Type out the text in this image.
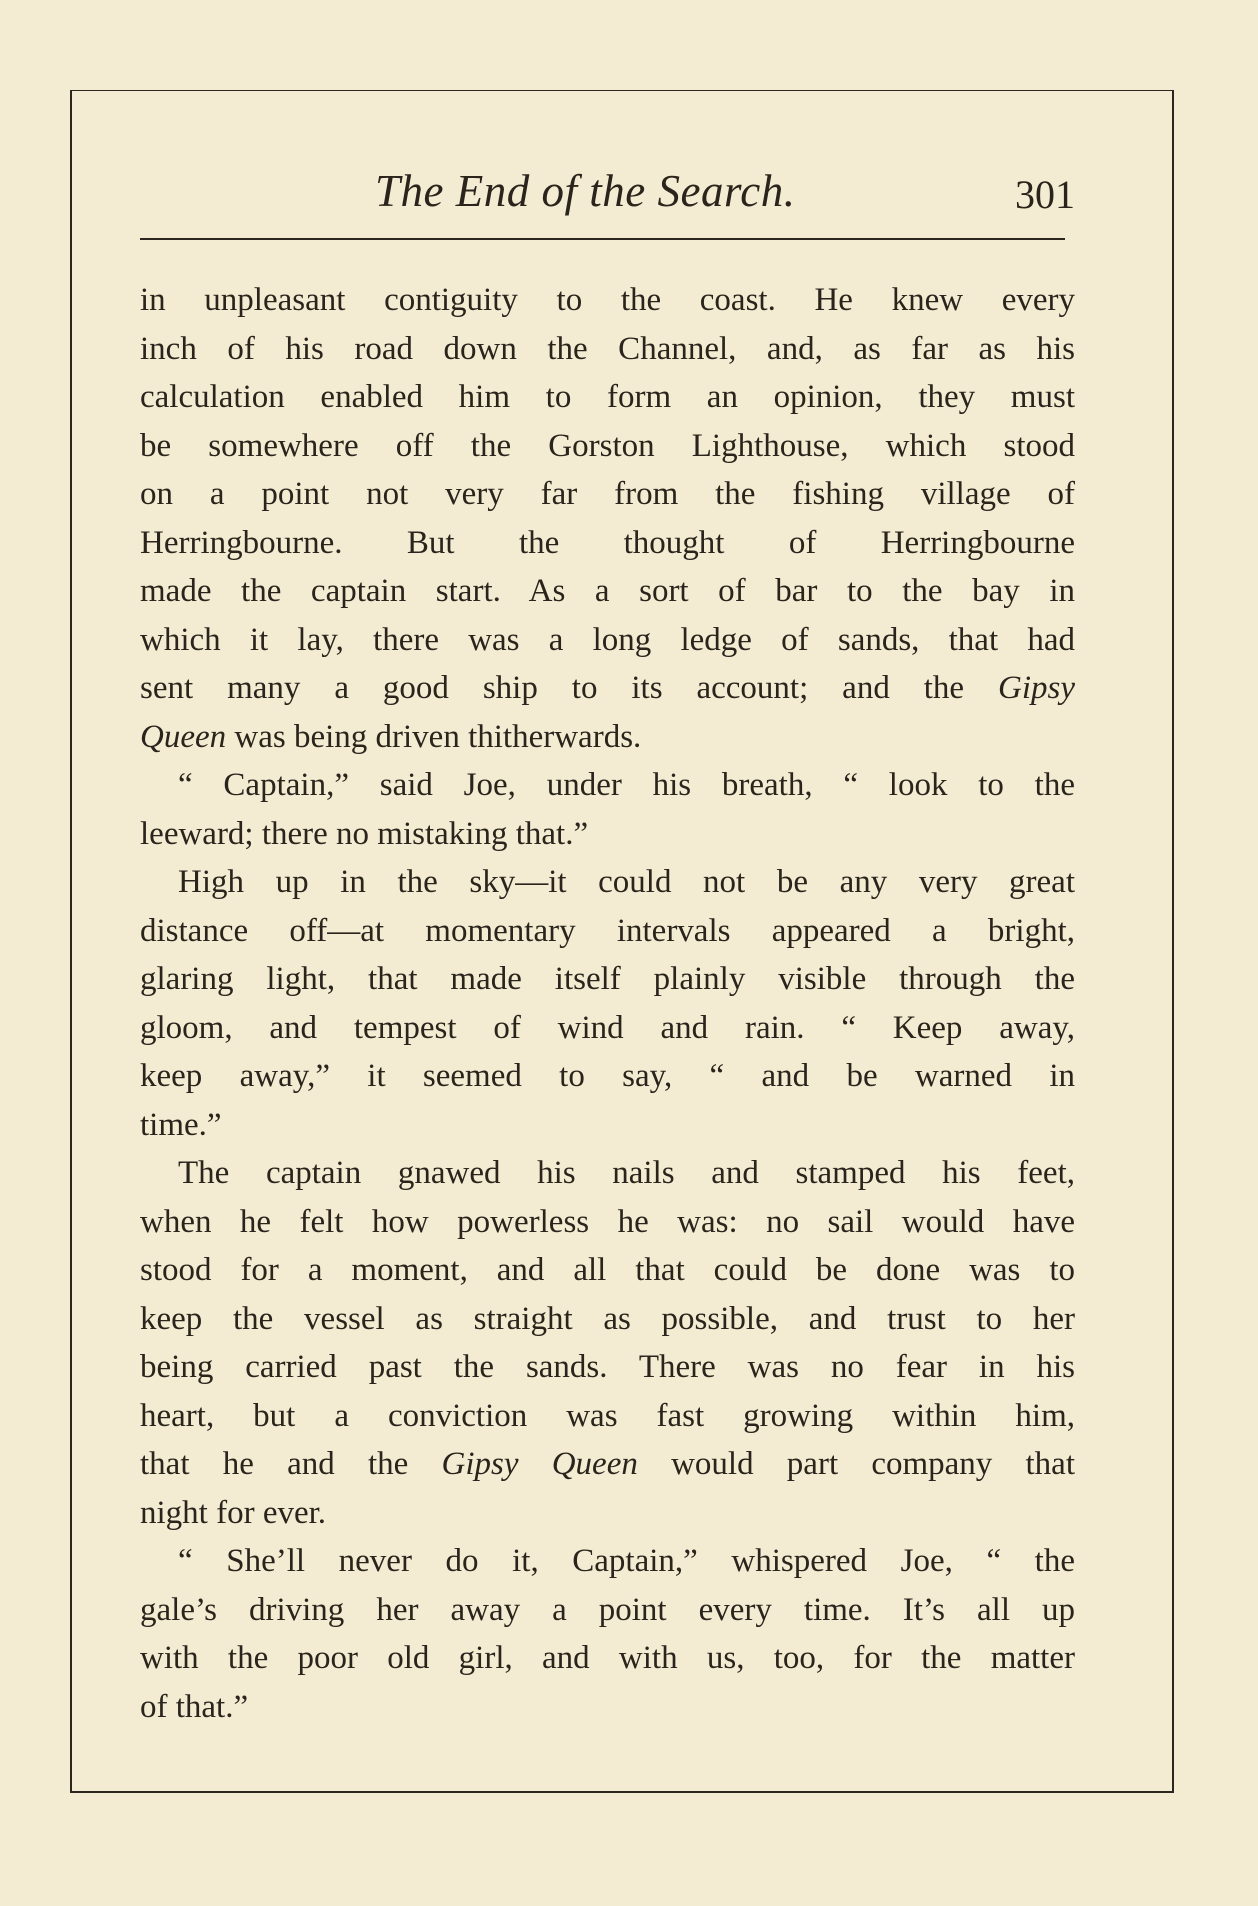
The End of the Search.	301
in unpleasant contiguity to the coast. He knew every
inch of his road down the Channel, and, as far as his
calculation enabled him to form an opinion, they must
be somewhere off the Gorston Lighthouse, which stood
on a point not very far from the fishing village of
Herringbourne. But the thought of Herringbourne
made the captain start. As a sort of bar to the bay in
which it lay, there was a long ledge of sands, that had
sent many a good ship to its account; and the Gipsy
Queen was being driven thitherwards.
“ Captain,” said Joe, under his breath, “ look to the
leeward; there no mistaking that.”
High up in the sky—it could not be any very great
distance off—at momentary intervals appeared a bright,
glaring light, that made itself plainly visible through the
gloom, and tempest of wind and rain. “ Keep away,
keep away,” it seemed to say, “ and be warned in
time.”
The captain gnawed his nails and stamped his feet,
when he felt how powerless he was: no sail would have
stood for a moment, and all that could be done was to
keep the vessel as straight as possible, and trust to her
being carried past the sands. There was no fear in his
heart, but a conviction was fast growing within him,
that he and the Gipsy Queen would part company that
night for ever.
“ She’ll never do it, Captain,” whispered Joe, “ the
gale’s driving her away a point every time. It’s all up
with the poor old girl, and with us, too, for the matter
of that.”
